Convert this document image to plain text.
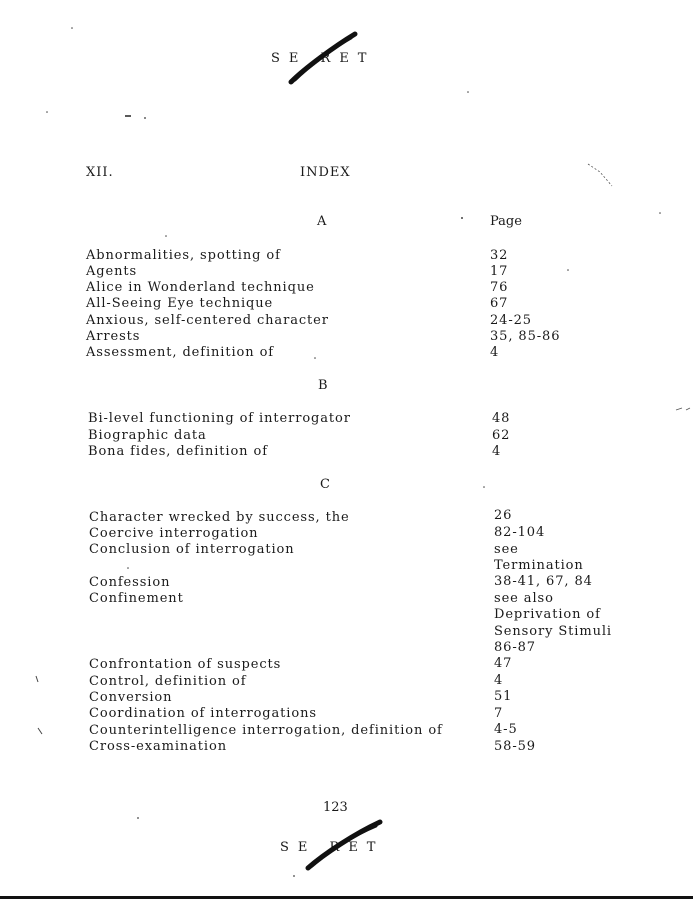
SE RET
XII.	INDEX
Page
A
Abnormalities, spotting of	32
Agents	17
Alice in Wonderland technique	76
All-Seeing Eye technique	67
Anxious, self-centered character	24-25
Arrests	35, 85-86
Assessment, definition of	4
B
Bi-level functioning of interrogator	48
Biographic data	62
Bona fides, definition of	4
C
Character wrecked by success, the	26
Coercive interrogation	82-104
Conclusion of interrogation	see
Termination
Confession	38-41, 67, 84
Confinement	see also
Deprivation of
Sensory Stimuli
86-87
Confrontation of suspects	47
Control, definition of	4
Conversion	51
Coordination of interrogations	7
Counterintelligence interrogation, definition of	4-5
Cross-examination	58-59
123
SE RET
